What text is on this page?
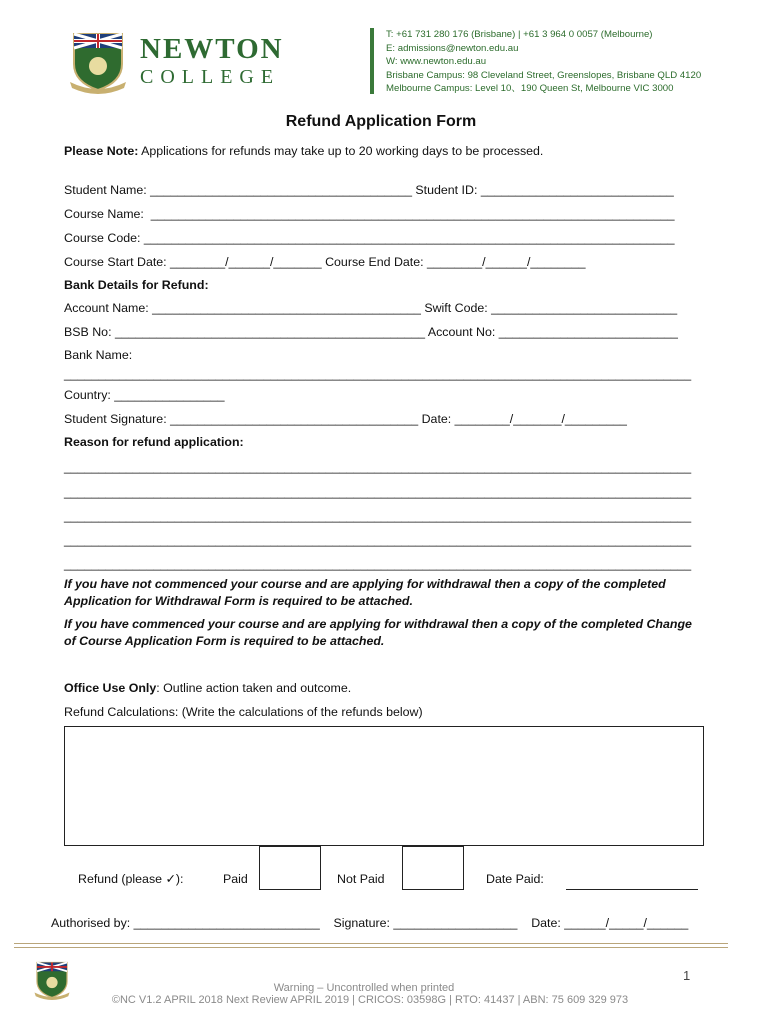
NEWTON
COLLEGE
T: +61 731 280 176 (Brisbane) | +61 3 964 0 0057 (Melbourne)
E: admissions@newton.edu.au
W: www.newton.edu.au
Brisbane Campus: 98 Cleveland Street, Greenslopes, Brisbane QLD 4120
Melbourne Campus: Level 10、190 Queen St, Melbourne VIC 3000
Refund Application Form
Please Note: Applications for refunds may take up to 20 working days to be processed.
Student Name: ______________________________________ Student ID: ____________________________
Course Name:  ____________________________________________________________________________
Course Code: _____________________________________________________________________________
Course Start Date: ________/______/_______ Course End Date: ________/______/________
Bank Details for Refund:
Account Name: _______________________________________ Swift Code: ___________________________
BSB No: _____________________________________________ Account No: __________________________
Bank Name:
___________________________________________________________________________________________
Country: ________________
Student Signature: ____________________________________ Date: ________/_______/_________
Reason for refund application:
___________________________________________________________________________________________
___________________________________________________________________________________________
___________________________________________________________________________________________
___________________________________________________________________________________________
___________________________________________________________________________________________
If you have not commenced your course and are applying for withdrawal then a copy of the completed
Application for Withdrawal Form is required to be attached.
If you have commenced your course and are applying for withdrawal then a copy of the completed Change
of Course Application Form is required to be attached.
Office Use Only: Outline action taken and outcome.
Refund Calculations: (Write the calculations of the refunds below)
Refund (please ✓):	Paid	Not Paid	Date Paid:
Authorised by: ___________________________    Signature: __________________    Date: ______/_____/______
1
Warning – Uncontrolled when printed
©NC V1.2 APRIL 2018 Next Review APRIL 2019 | CRICOS: 03598G | RTO: 41437 | ABN: 75 609 329 973
